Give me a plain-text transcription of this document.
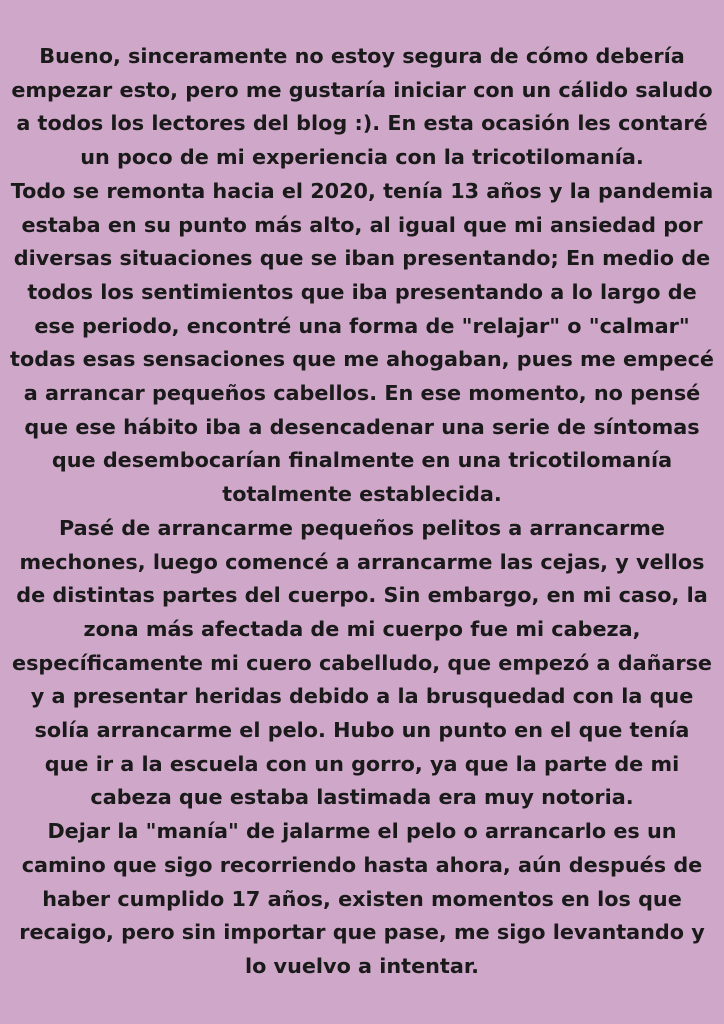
Bueno, sinceramente no estoy segura de cómo debería
empezar esto, pero me gustaría iniciar con un cálido saludo
a todos los lectores del blog :). En esta ocasión les contaré
un poco de mi experiencia con la tricotilomanía.
Todo se remonta hacia el 2020, tenía 13 años y la pandemia
estaba en su punto más alto, al igual que mi ansiedad por
diversas situaciones que se iban presentando; En medio de
todos los sentimientos que iba presentando a lo largo de
ese periodo, encontré una forma de "relajar" o "calmar"
todas esas sensaciones que me ahogaban, pues me empecé
a arrancar pequeños cabellos. En ese momento, no pensé
que ese hábito iba a desencadenar una serie de síntomas
que desembocarían finalmente en una tricotilomanía
totalmente establecida.
Pasé de arrancarme pequeños pelitos a arrancarme
mechones, luego comencé a arrancarme las cejas, y vellos
de distintas partes del cuerpo. Sin embargo, en mi caso, la
zona más afectada de mi cuerpo fue mi cabeza,
específicamente mi cuero cabelludo, que empezó a dañarse
y a presentar heridas debido a la brusquedad con la que
solía arrancarme el pelo. Hubo un punto en el que tenía
que ir a la escuela con un gorro, ya que la parte de mi
cabeza que estaba lastimada era muy notoria.
Dejar la "manía" de jalarme el pelo o arrancarlo es un
camino que sigo recorriendo hasta ahora, aún después de
haber cumplido 17 años, existen momentos en los que
recaigo, pero sin importar que pase, me sigo levantando y
lo vuelvo a intentar.
